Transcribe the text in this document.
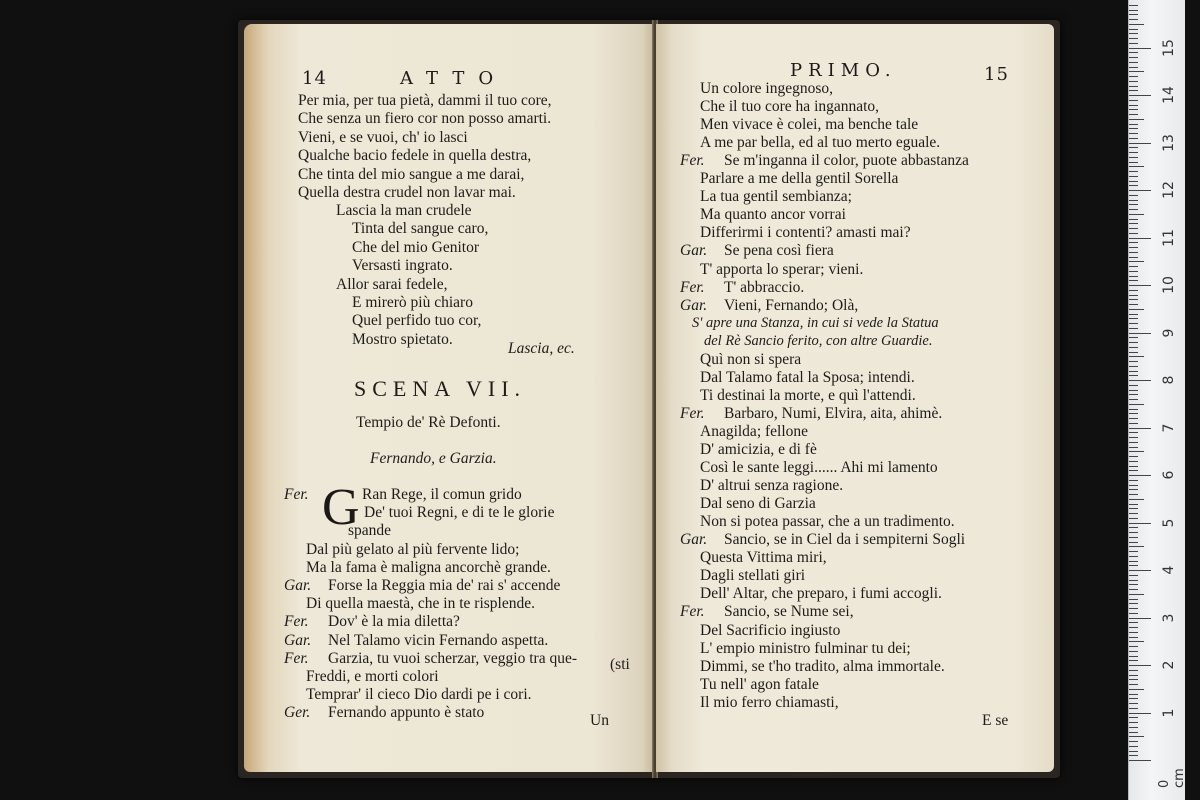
14	ATTO
Per mia, per tua pietà, dammi il tuo core,
Che senza un fiero cor non posso amarti.
Vieni, e se vuoi, ch' io lasci
Qualche bacio fedele in quella destra,
Che tinta del mio sangue a me darai,
Quella destra crudel non lavar mai.
Lascia la man crudele
Tinta del sangue caro,
Che del mio Genitor
Versasti ingrato.
Allor sarai fedele,
E mirerò più chiaro
Quel perfido tuo cor,
Mostro spietato.
Lascia, ec.
SCENA VII.
Tempio de' Rè Defonti.
Fernando, e Garzia.
G
Fer.	Ran Rege, il comun grido
De' tuoi Regni, e di te le glorie
spande
Dal più gelato al più fervente lido;
Ma la fama è maligna ancorchè grande.
Gar. Forse la Reggia mia de' rai s' accende
Di quella maestà, che in te risplende.
Fer. Dov' è la mia diletta?
Gar. Nel Talamo vicin Fernando aspetta.
Fer. Garzia, tu vuoi scherzar, veggio tra que-
Freddi, e morti colori
Temprar' il cieco Dio dardi pe i cori.
Ger. Fernando appunto è stato
(sti
Un
PRIMO.	15
Un colore ingegnoso,
Che il tuo core ha ingannato,
Men vivace è colei, ma benche tale
A me par bella, ed al tuo merto eguale.
Fer. Se m'inganna il color, puote abbastanza
Parlare a me della gentil Sorella
La tua gentil sembianza;
Ma quanto ancor vorrai
Differirmi i contenti? amasti mai?
Gar. Se pena così fiera
T' apporta lo sperar; vieni.
Fer. T' abbraccio.
Gar. Vieni, Fernando; Olà,
S' apre una Stanza, in cui si vede la Statua
del Rè Sancio ferito, con altre Guardie.
Quì non si spera
Dal Talamo fatal la Sposa; intendi.
Ti destinai la morte, e quì l'attendi.
Fer. Barbaro, Numi, Elvira, aita, ahimè.
Anagilda; fellone
D' amicizia, e di fè
Così le sante leggi...... Ahi mi lamento
D' altrui senza ragione.
Dal seno di Garzia
Non si potea passar, che a un tradimento.
Gar. Sancio, se in Ciel da i sempiterni Sogli
Questa Vittima miri,
Dagli stellati giri
Dell' Altar, che preparo, i fumi accogli.
Fer. Sancio, se Nume sei,
Del Sacrificio ingiusto
L' empio ministro fulminar tu dei;
Dimmi, se t'ho tradito, alma immortale.
Tu nell' agon fatale
Il mio ferro chiamasti,
E se
0 cm
15
14
13
12
11
10
9
8
7
6
5
4
3
2
1
